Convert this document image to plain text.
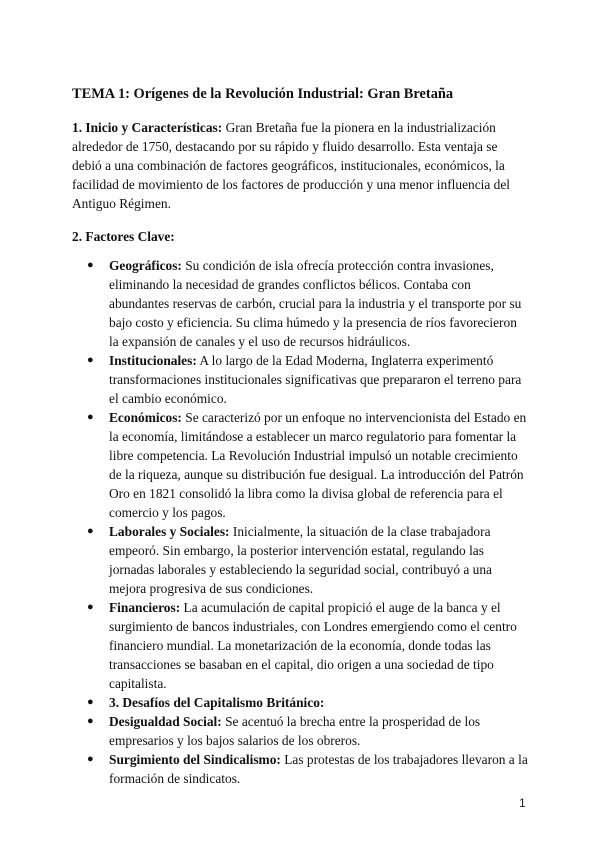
TEMA 1: Orígenes de la Revolución Industrial: Gran Bretaña

1. Inicio y Características: Gran Bretaña fue la pionera en la industrialización alrededor de 1750, destacando por su rápido y fluido desarrollo. Esta ventaja se debió a una combinación de factores geográficos, institucionales, económicos, la facilidad de movimiento de los factores de producción y una menor influencia del Antiguo Régimen.

2. Factores Clave:

● Geográficos: Su condición de isla ofrecía protección contra invasiones, eliminando la necesidad de grandes conflictos bélicos. Contaba con abundantes reservas de carbón, crucial para la industria y el transporte por su bajo costo y eficiencia. Su clima húmedo y la presencia de ríos favorecieron la expansión de canales y el uso de recursos hidráulicos.
● Institucionales: A lo largo de la Edad Moderna, Inglaterra experimentó transformaciones institucionales significativas que prepararon el terreno para el cambio económico.
● Económicos: Se caracterizó por un enfoque no intervencionista del Estado en la economía, limitándose a establecer un marco regulatorio para fomentar la libre competencia. La Revolución Industrial impulsó un notable crecimiento de la riqueza, aunque su distribución fue desigual. La introducción del Patrón Oro en 1821 consolidó la libra como la divisa global de referencia para el comercio y los pagos.
● Laborales y Sociales: Inicialmente, la situación de la clase trabajadora empeoró. Sin embargo, la posterior intervención estatal, regulando las jornadas laborales y estableciendo la seguridad social, contribuyó a una mejora progresiva de sus condiciones.
● Financieros: La acumulación de capital propició el auge de la banca y el surgimiento de bancos industriales, con Londres emergiendo como el centro financiero mundial. La monetarización de la economía, donde todas las transacciones se basaban en el capital, dio origen a una sociedad de tipo capitalista.
● 3. Desafíos del Capitalismo Británico:
● Desigualdad Social: Se acentuó la brecha entre la prosperidad de los empresarios y los bajos salarios de los obreros.
● Surgimiento del Sindicalismo: Las protestas de los trabajadores llevaron a la formación de sindicatos.
1
